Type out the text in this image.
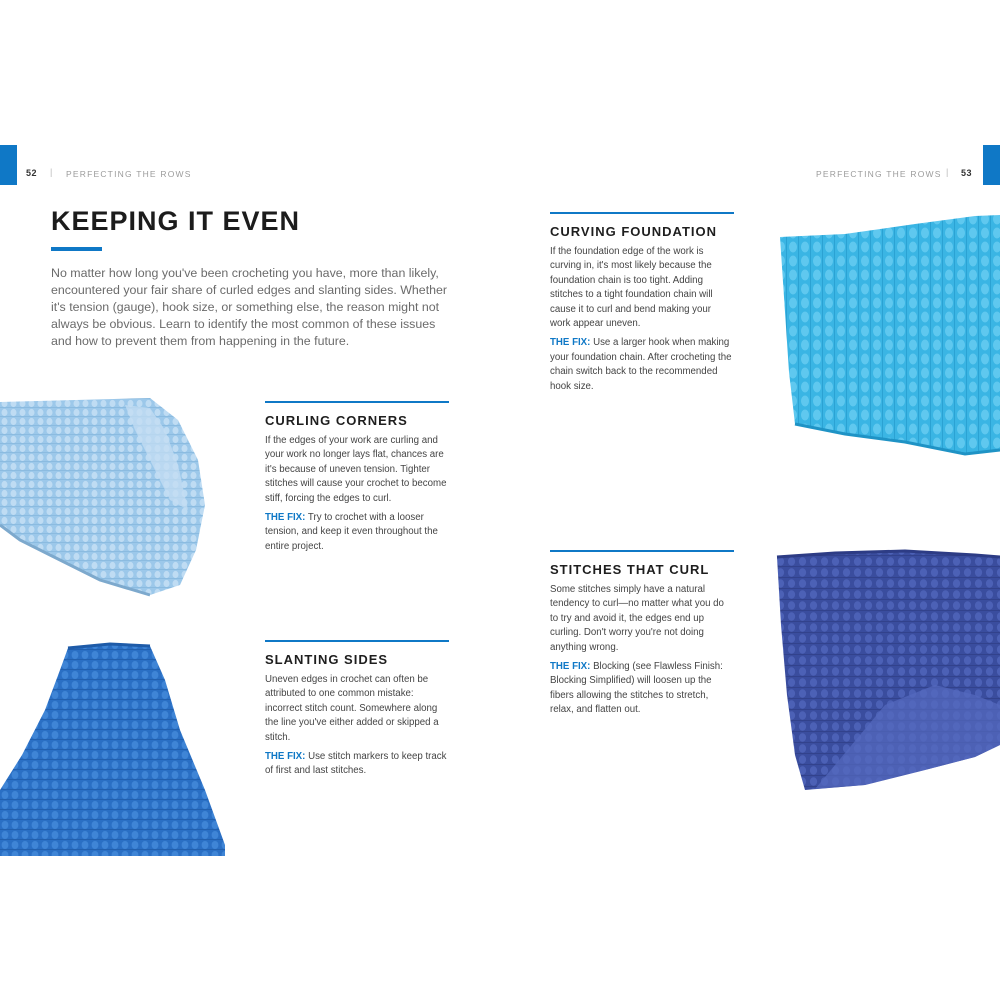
52 | PERFECTING THE ROWS	PERFECTING THE ROWS | 53
KEEPING IT EVEN

No matter how long you've been crocheting you have, more than likely, encountered your fair share of curled edges and slanting sides. Whether it's tension (gauge), hook size, or something else, the reason might not always be obvious. Learn to identify the most common of these issues and how to prevent them from happening in the future.

CURLING CORNERS

If the edges of your work are curling and your work no longer lays flat, chances are it's because of uneven tension. Tighter stitches will cause your crochet to become stiff, forcing the edges to curl.

THE FIX: Try to crochet with a looser tension, and keep it even throughout the entire project.

SLANTING SIDES

Uneven edges in crochet can often be attributed to one common mistake: incorrect stitch count. Somewhere along the line you've either added or skipped a stitch.

THE FIX: Use stitch markers to keep track of first and last stitches.

CURVING FOUNDATION

If the foundation edge of the work is curving in, it's most likely because the foundation chain is too tight. Adding stitches to a tight foundation chain will cause it to curl and bend making your work appear uneven.

THE FIX: Use a larger hook when making your foundation chain. After crocheting the chain switch back to the recommended hook size.

STITCHES THAT CURL

Some stitches simply have a natural tendency to curl—no matter what you do to try and avoid it, the edges end up curling. Don't worry you're not doing anything wrong.

THE FIX: Blocking (see Flawless Finish: Blocking Simplified) will loosen up the fibers allowing the stitches to stretch, relax, and flatten out.
